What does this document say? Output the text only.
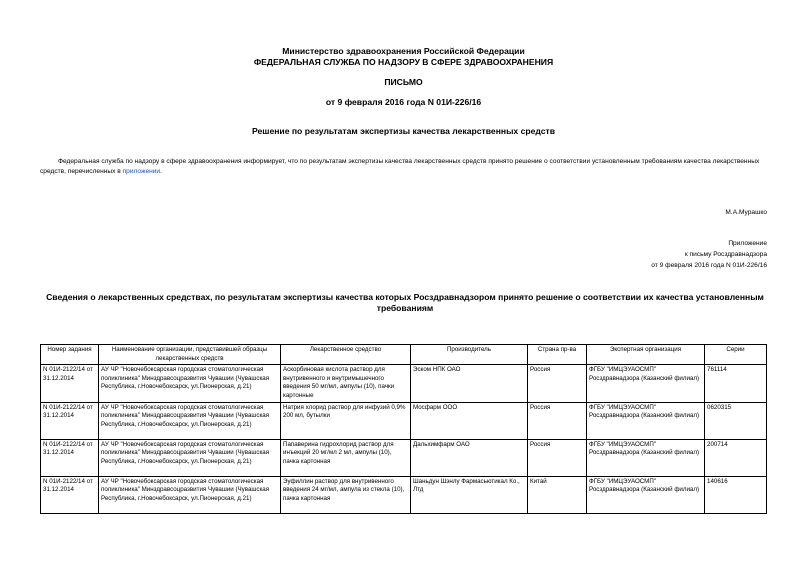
Министерство здравоохранения Российской Федерации
ФЕДЕРАЛЬНАЯ СЛУЖБА ПО НАДЗОРУ В СФЕРЕ ЗДРАВООХРАНЕНИЯ
ПИСЬМО
от 9 февраля 2016 года N 01И-226/16
Решение по результатам экспертизы качества лекарственных средств
Федеральная служба по надзору в сфере здравоохранения информирует, что по результатам экспертизы качества лекарственных средств принято решение о соответствии установленным требованиям качества лекарственных средств, перечисленных в приложении.
М.А.Мурашко
Приложение
к письму Росздравнадзора
от 9 февраля 2016 года N 01И-226/16
Сведения о лекарственных средствах, по результатам экспертизы качества которых Росздравнадзором принято решение о соответствии их качества установленным требованиям
Номер задания	Наименование организации, представившей образцы лекарственных средств	Лекарственное средство	Производитель	Страна пр-ва	Экспертная организация	Серии
N 01И-2122/14 от 31.12.2014	АУ ЧР "Новочебоксарская городская стоматологическая поликлиника" Минздравсоцразвития Чувашии (Чувашская Республика, г.Новочебоксарск, ул.Пионерская, д.21)	Аскорбиновая кислота раствор для внутривенного и внутримышечного введения 50 мг/мл, ампулы (10), пачки картонные	Эском НПК ОАО	Россия	ФГБУ "ИМЦЭУАОСМП" Росздравнадзора (Казанский филиал)	761114
N 01И-2122/14 от 31.12.2014	АУ ЧР "Новочебоксарская городская стоматологическая поликлиника" Минздравсоцразвития Чувашии (Чувашская Республика, г.Новочебоксарск, ул.Пионерская, д.21)	Натрия хлорид раствор для инфузий 0,9% 200 мл, бутылки	Мосфарм ООО	Россия	ФГБУ "ИМЦЭУАОСМП" Росздравнадзора (Казанский филиал)	0620315
N 01И-2122/14 от 31.12.2014	АУ ЧР "Новочебоксарская городская стоматологическая поликлиника" Минздравсоцразвития Чувашии (Чувашская Республика, г.Новочебоксарск, ул.Пионерская, д.21)	Папаверина гидрохлорид раствор для инъекций 20 мг/мл 2 мл, ампулы (10), пачка картонная	Дальхимфарм ОАО	Россия	ФГБУ "ИМЦЭУАОСМП" Росздравнадзора (Казанский филиал)	200714
N 01И-2122/14 от 31.12.2014	АУ ЧР "Новочебоксарская городская стоматологическая поликлиника" Минздравсоцразвития Чувашии (Чувашская Республика, г.Новочебоксарск, ул.Пионерская, д.21)	Эуфиллин раствор для внутривенного введения 24 мг/мл, ампула из стекла (10), пачка картонная	Шаньдун Шэнлу Фармасьютикал Ко., Лтд	Китай	ФГБУ "ИМЦЭУАОСМП" Росздравнадзора (Казанский филиал)	140616
